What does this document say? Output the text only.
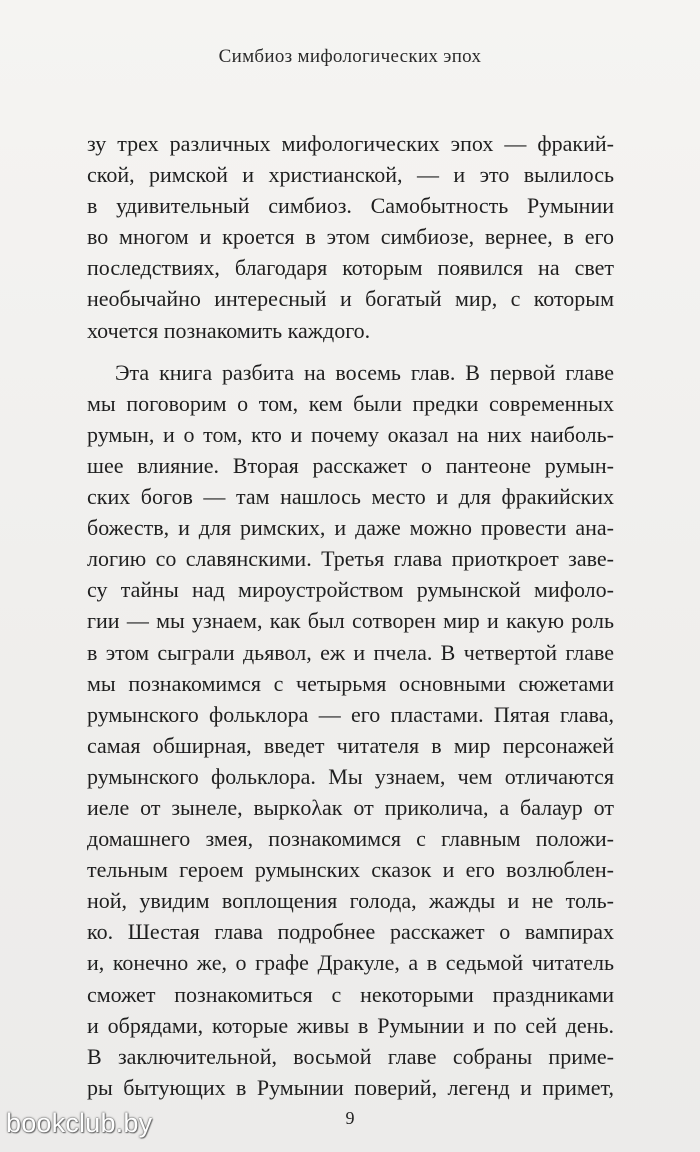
Симбиоз мифологических эпох
зу трех различных мифологических эпох — фракий-
ской, римской и христианской, — и это вылилось
в удивительный симбиоз. Самобытность Румынии
во многом и кроется в этом симбиозе, вернее, в его
последствиях, благодаря которым появился на свет
необычайно интересный и богатый мир, с которым
хочется познакомить каждого.
Эта книга разбита на восемь глав. В первой главе
мы поговорим о том, кем были предки современных
румын, и о том, кто и почему оказал на них наиболь-
шее влияние. Вторая расскажет о пантеоне румын-
ских богов — там нашлось место и для фракийских
божеств, и для римских, и даже можно провести ана-
логию со славянскими. Третья глава приоткроет заве-
су тайны над мироустройством румынской мифоло-
гии — мы узнаем, как был сотворен мир и какую роль
в этом сыграли дьявол, еж и пчела. В четвертой главе
мы познакомимся с четырьмя основными сюжетами
румынского фольклора — его пластами. Пятая глава,
самая обширная, введет читателя в мир персонажей
румынского фольклора. Мы узнаем, чем отличаются
иеле от зынеле, выркολак от приколича, а балаур от
домашнего змея, познакомимся с главным положи-
тельным героем румынских сказок и его возлюблен-
ной, увидим воплощения голода, жажды и не толь-
ко. Шестая глава подробнее расскажет о вампирах
и, конечно же, о графе Дракуле, а в седьмой читатель
сможет познакомиться с некоторыми праздниками
и обрядами, которые живы в Румынии и по сей день.
В заключительной, восьмой главе собраны приме-
ры бытующих в Румынии поверий, легенд и примет,
9
bookclub.by
